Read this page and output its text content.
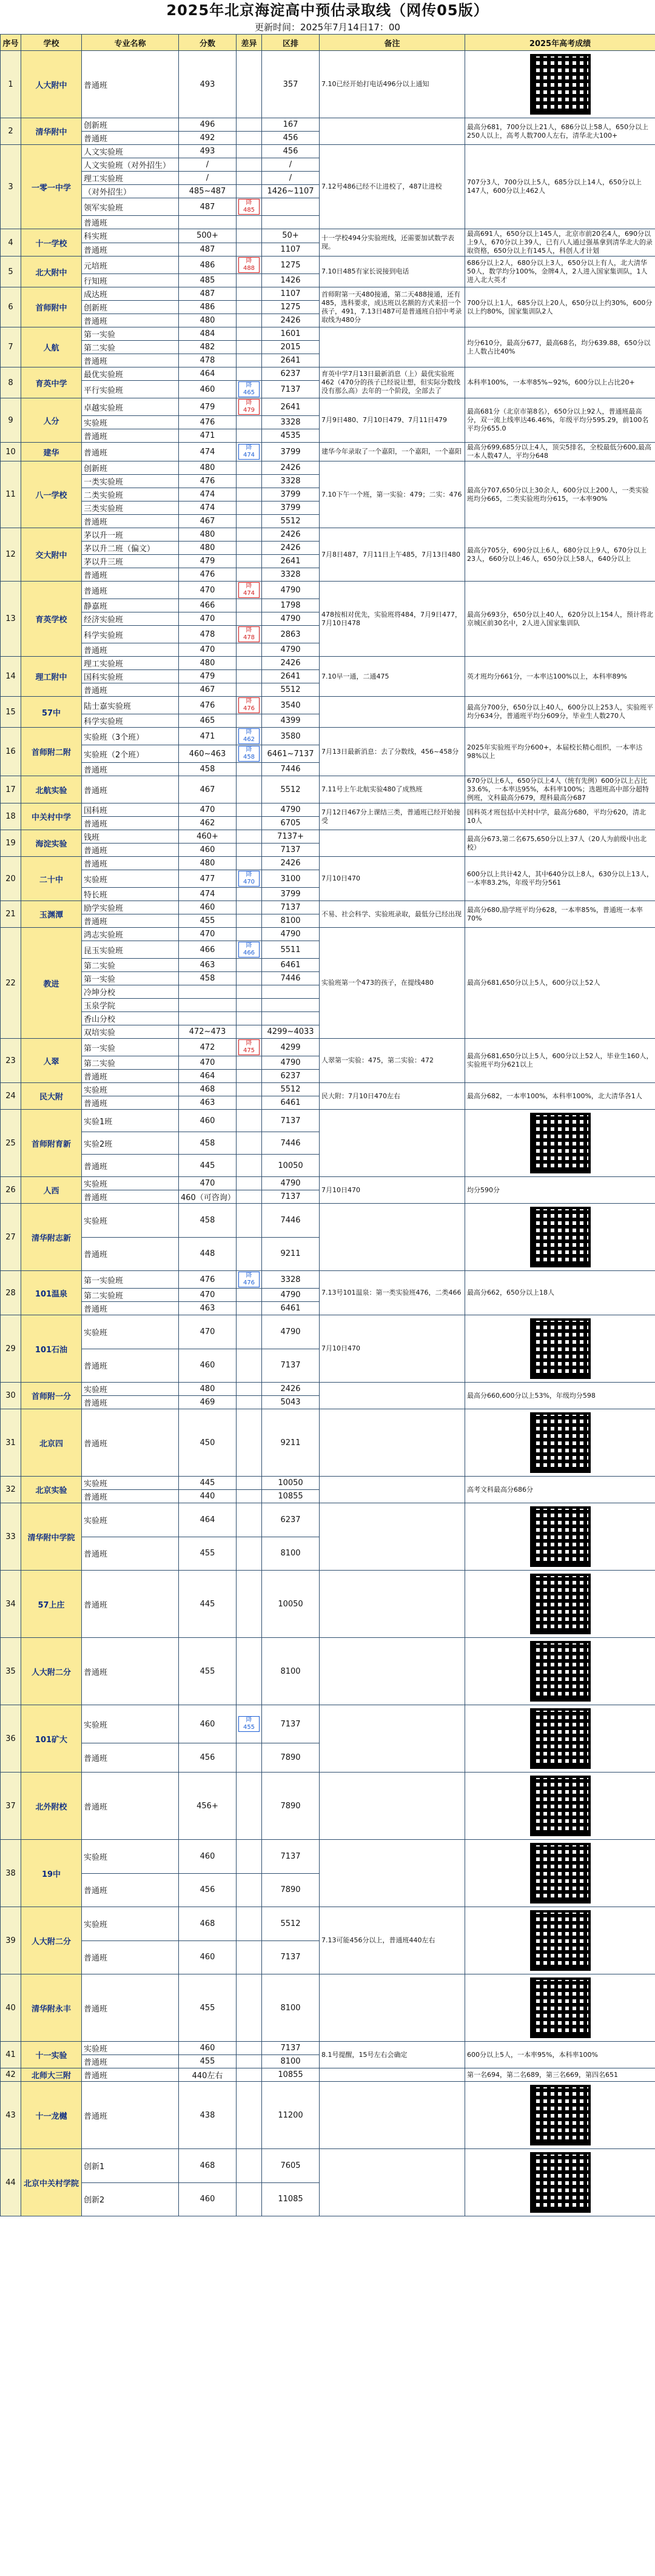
2025年北京海淀高中预估录取线（网传05版）
更新时间：2025年7月14日17：00
序号	学校	专业名称	分数	差异	区排	备注	2025年高考成绩
1	人大附中	普通班	493		357	7.10已经开始打电话496分以上通知	

2	清华附中	创新班	496		167		最高分681，700分以上21人，686分以上58人，650分以上250人以上，高考人数700人左右，清华北大100+
		普通班	492		456		
3	一零一中学	人文实验班	493		456	7.12号486已经不让进校了，487让进校	707分3人，700分以上5人，685分以上14人，650分以上147人，600分以上462人
		人文实验班（对外招生）	/		/		
		理工实验班	/		/		
		（对外招生）	485~487		1426~1107		
		领军实验班	487	降 485			
		普通班					
4	十一学校	科实班	500+		50+	十一学校494分实验班线，还需要加试数学表现。	最高691人，650分以上145人，北京市前20名4人，690分以上9人，670分以上39人，已有八人通过强基拿到清华北大的录取资格，650分以上有145人，科创人才计划
		普通班	487		1107		
5	北大附中	元培班	486	降 488	1275	7.10日485有家长说接到电话	686分以上2人，680分以上3人，650分以上有人，北大清华50人，数学均分100%，金牌4人，2人进入国家集训队，1人进入北大英才
		行知班	485		1426		
6	首师附中	成达班	487		1107	首师附第一天480接通，第二天488接通，还有485，选科要求，成达班以名额的方式来招一个孩子，491，7.13日487可是普通班自招中考录取线为480分	700分以上1人，685分以上20人，650分以上约30%，600分以上约80%，国家集训队2人
		创新班	486		1275		
		普通班	480		2426		
7	人航	第一实验	484		1601		均分610分，最高分677，最高68名，均分639.88，650分以上人数占比40%
		第二实验	482		2015		
		普通班	478		2641		
8	育英中学	最优实验班	464		6237	育英中学7月13日最新消息（上）最优实验班462（470分的孩子已经说让想，但实际分数线没有那么高）去年的一个阶段，全部去了	本科率100%，一本率85%~92%，600分以上占比20+
		平行实验班	460	降 465	7137		
9	人分	卓越实验班	479	降 479	2641	7月9日480、7月10日479、7月11日479	最高681分（北京市第8名），650分以上92人，普通班最高分，双一流上线率达46.46%，年级平均分595.29，前100名平均分655.0
		实验班	476		3328		
		普通班	471		4535		
10	建华	普通班	474	降 474	3799	建华今年录取了一个嘉阳，一个嘉阳，一个嘉阳	最高分699,685分以上4人，顶尖5排名，全校最低分600,最高一本人数47人，平均分648
11	八一学校	创新班	480		2426	7.10下午一个班，第一实验：479；二实：476	最高分707,650分以上30余人，600分以上200人，一类实验班均分665，二类实验班均分615，一本率90%
		一类实验班	476		3328		
		二类实验班	474		3799		
		三类实验班	474		3799		
		普通班	467		5512		
12	交大附中	茅以升一班	480		2426	7月8日487，7月11日上午485，7月13日480	最高分705分，690分以上6人，680分以上9人，670分以上23人，660分以上46人，650分以上58人，640分以上
		茅以升二班（偏文）	480		2426		
		茅以升三班	479		2641		
		普通班	476		3328		
13	育英学校	普通班	470	降 474	4790	478按相对优先，实验班将484，7月9日477，7月10日478	最高分693分，650分以上40人，620分以上154人，预计将北京城区前30名中，2人进入国家集训队
		静嘉班	466		1798		
		经济实验班	470		4790		
		科学实验班	478	降 478	2863		
		普通班	470		4790		
14	理工附中	理工实验班	480		2426	7.10早一通，二通475	英才班均分661分，一本率达100%以上，本科率89%
		国科实验班	479		2641		
		普通班	467		5512		
15	57中	陆士嘉实验班	476	降 476	3540		最高分700分，650分以上40人，600分以上253人，实验班平均分634分，普通班平均分609分，毕业生人数270人
		科学实验班	465		4399		
16	首师附二附	实验班（3个班）	471	降 462	3580	7月13日最新消息：去了分数线，456~458分	2025年实验班平均分600+，本届校长精心组织，一本率达98%以上
		实验班（2个班）	460~463	降 458	6461~7137		
		普通班	458		7446		
17	北航实验	普通班	467		5512	7.11号上午北航实验480了成熟班	670分以上6人，650分以上4人（统有先例）600分以上占比33.6%，一本率达95%，本科率100%；选题班高中部分超特例班，文科最高分679，理科最高分687
18	中关村中学	国科班	470		4790	7月12日467分上课结三类，普通班已经开始接受	国科英才班包括中关村中学，最高分680，平均分620，清北10人
		普通班	462		6705		
19	海淀实验	钱班	460+		7137+		最高分673,第二名675,650分以上37人（20人为前级中出北校）
		普通班	460		7137		
20	二十中	普通班	480		2426	7月10日470	600分以上共计42人，其中640分以上8人，630分以上13人，一本率83.2%，年级平均分561
		实验班	477	降 470	3100		
		特长班	474		3799		
21	玉渊潭	励学实验班	460		7137	不易、社会科学、实验班录取，最低分已经出现	最高分680,励学班平均分628，一本率85%，普通班一本率70%
		普通班	455		8100		
22	教进	鸿志实验班	470		4790	实验班第一个473的孩子，在提线480	最高分681,650分以上5人，600分以上52人
		昆玉实验班	466	降 466	5511		
		第二实验	463		6461		
		第一实验	458		7446		
		冷坤分校					
		玉泉学院					
		香山分校					
		双培实验	472~473		4299~4033		
23	人翠	第一实验	472	降 475	4299	人翠第一实验：475，第二实验：472	最高分681,650分以上5人，600分以上52人，毕业生160人，实验班平均分621以上
		第二实验	470		4790		
		普通班	464		6237		
24	民大附	实验班	468		5512	民大附：7月10日470左右	最高分682，一本率100%，本科率100%，北大清华各1人
		普通班	463		6461		
25	首师附育新	实验1班	460		7137		

		实验2班	458		7446		
		普通班	445		10050		
26	人西	实验班	470		4790	7月10日470	均分590分
		普通班	460（可咨询）		7137		
27	清华附志新	实验班	458		7446		

		普通班	448		9211		
28	101温泉	第一实验班	476	降 476	3328	7.13号101温泉：第一类实验班476，二类466	最高分662，650分以上18人
		第二实验班	470		4790		
		普通班	463		6461		
29	101石油	实验班	470		4790	7月10日470	

		普通班	460		7137		
30	首师附一分	实验班	480		2426		最高分660,600分以上53%，年级均分598
		普通班	469		5043		
31	北京四	普通班	450		9211		

32	北京实验	实验班	445		10050		高考文科最高分686分
		普通班	440		10855		
33	清华附中学院	实验班	464		6237		

		普通班	455		8100		
34	57上庄	普通班	445		10050		

35	人大附二分	普通班	455		8100		

36	101矿大	实验班	460	降 455	7137		

		普通班	456		7890		
37	北外附校	普通班	456+		7890		

38	19中	实验班	460		7137		

		普通班	456		7890		
39	人大附二分	实验班	468		5512	7.13可能456分以上，普通班440左右	

		普通班	460		7137		
40	清华附永丰	普通班	455		8100		

41	十一实验	实验班	460		7137	8.1号提醒，15号左右会确定	600分以上5人，一本率95%，本科率100%
		普通班	455		8100		
42	北师大三附	普通班	440左右		10855		第一名694，第二名689，第三名669，第四名651
43	十一龙樾	普通班	438		11200		

44	北京中关村学院	创新1	468		7605		

		创新2	460		11085		
